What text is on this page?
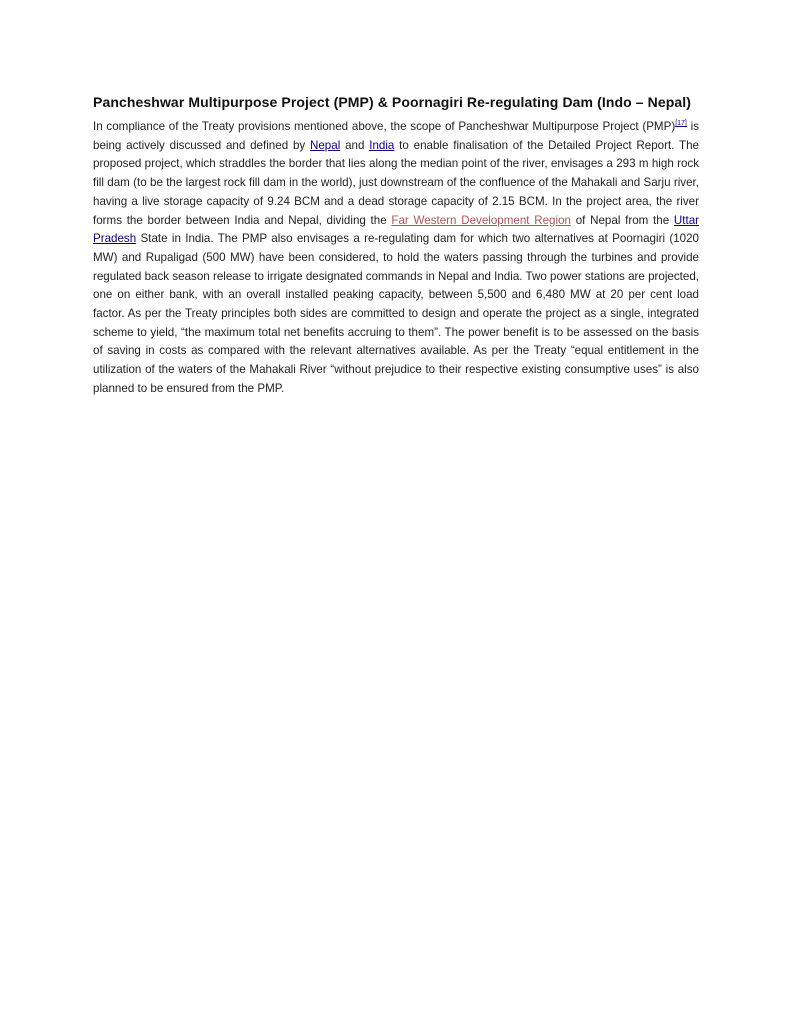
Pancheshwar Multipurpose Project (PMP) & Poornagiri Re-regulating Dam (Indo – Nepal)

In compliance of the Treaty provisions mentioned above, the scope of Pancheshwar Multipurpose Project (PMP)[17] is being actively discussed and defined by Nepal and India to enable finalisation of the Detailed Project Report. The proposed project, which straddles the border that lies along the median point of the river, envisages a 293 m high rock fill dam (to be the largest rock fill dam in the world), just downstream of the confluence of the Mahakali and Sarju river, having a live storage capacity of 9.24 BCM and a dead storage capacity of 2.15 BCM. In the project area, the river forms the border between India and Nepal, dividing the Far Western Development Region of Nepal from the Uttar Pradesh State in India. The PMP also envisages a re-regulating dam for which two alternatives at Poornagiri (1020 MW) and Rupaligad (500 MW) have been considered, to hold the waters passing through the turbines and provide regulated back season release to irrigate designated commands in Nepal and India. Two power stations are projected, one on either bank, with an overall installed peaking capacity, between 5,500 and 6,480 MW at 20 per cent load factor. As per the Treaty principles both sides are committed to design and operate the project as a single, integrated scheme to yield, “the maximum total net benefits accruing to them”. The power benefit is to be assessed on the basis of saving in costs as compared with the relevant alternatives available. As per the Treaty “equal entitlement in the utilization of the waters of the Mahakali River “without prejudice to their respective existing consumptive uses” is also planned to be ensured from the PMP.
